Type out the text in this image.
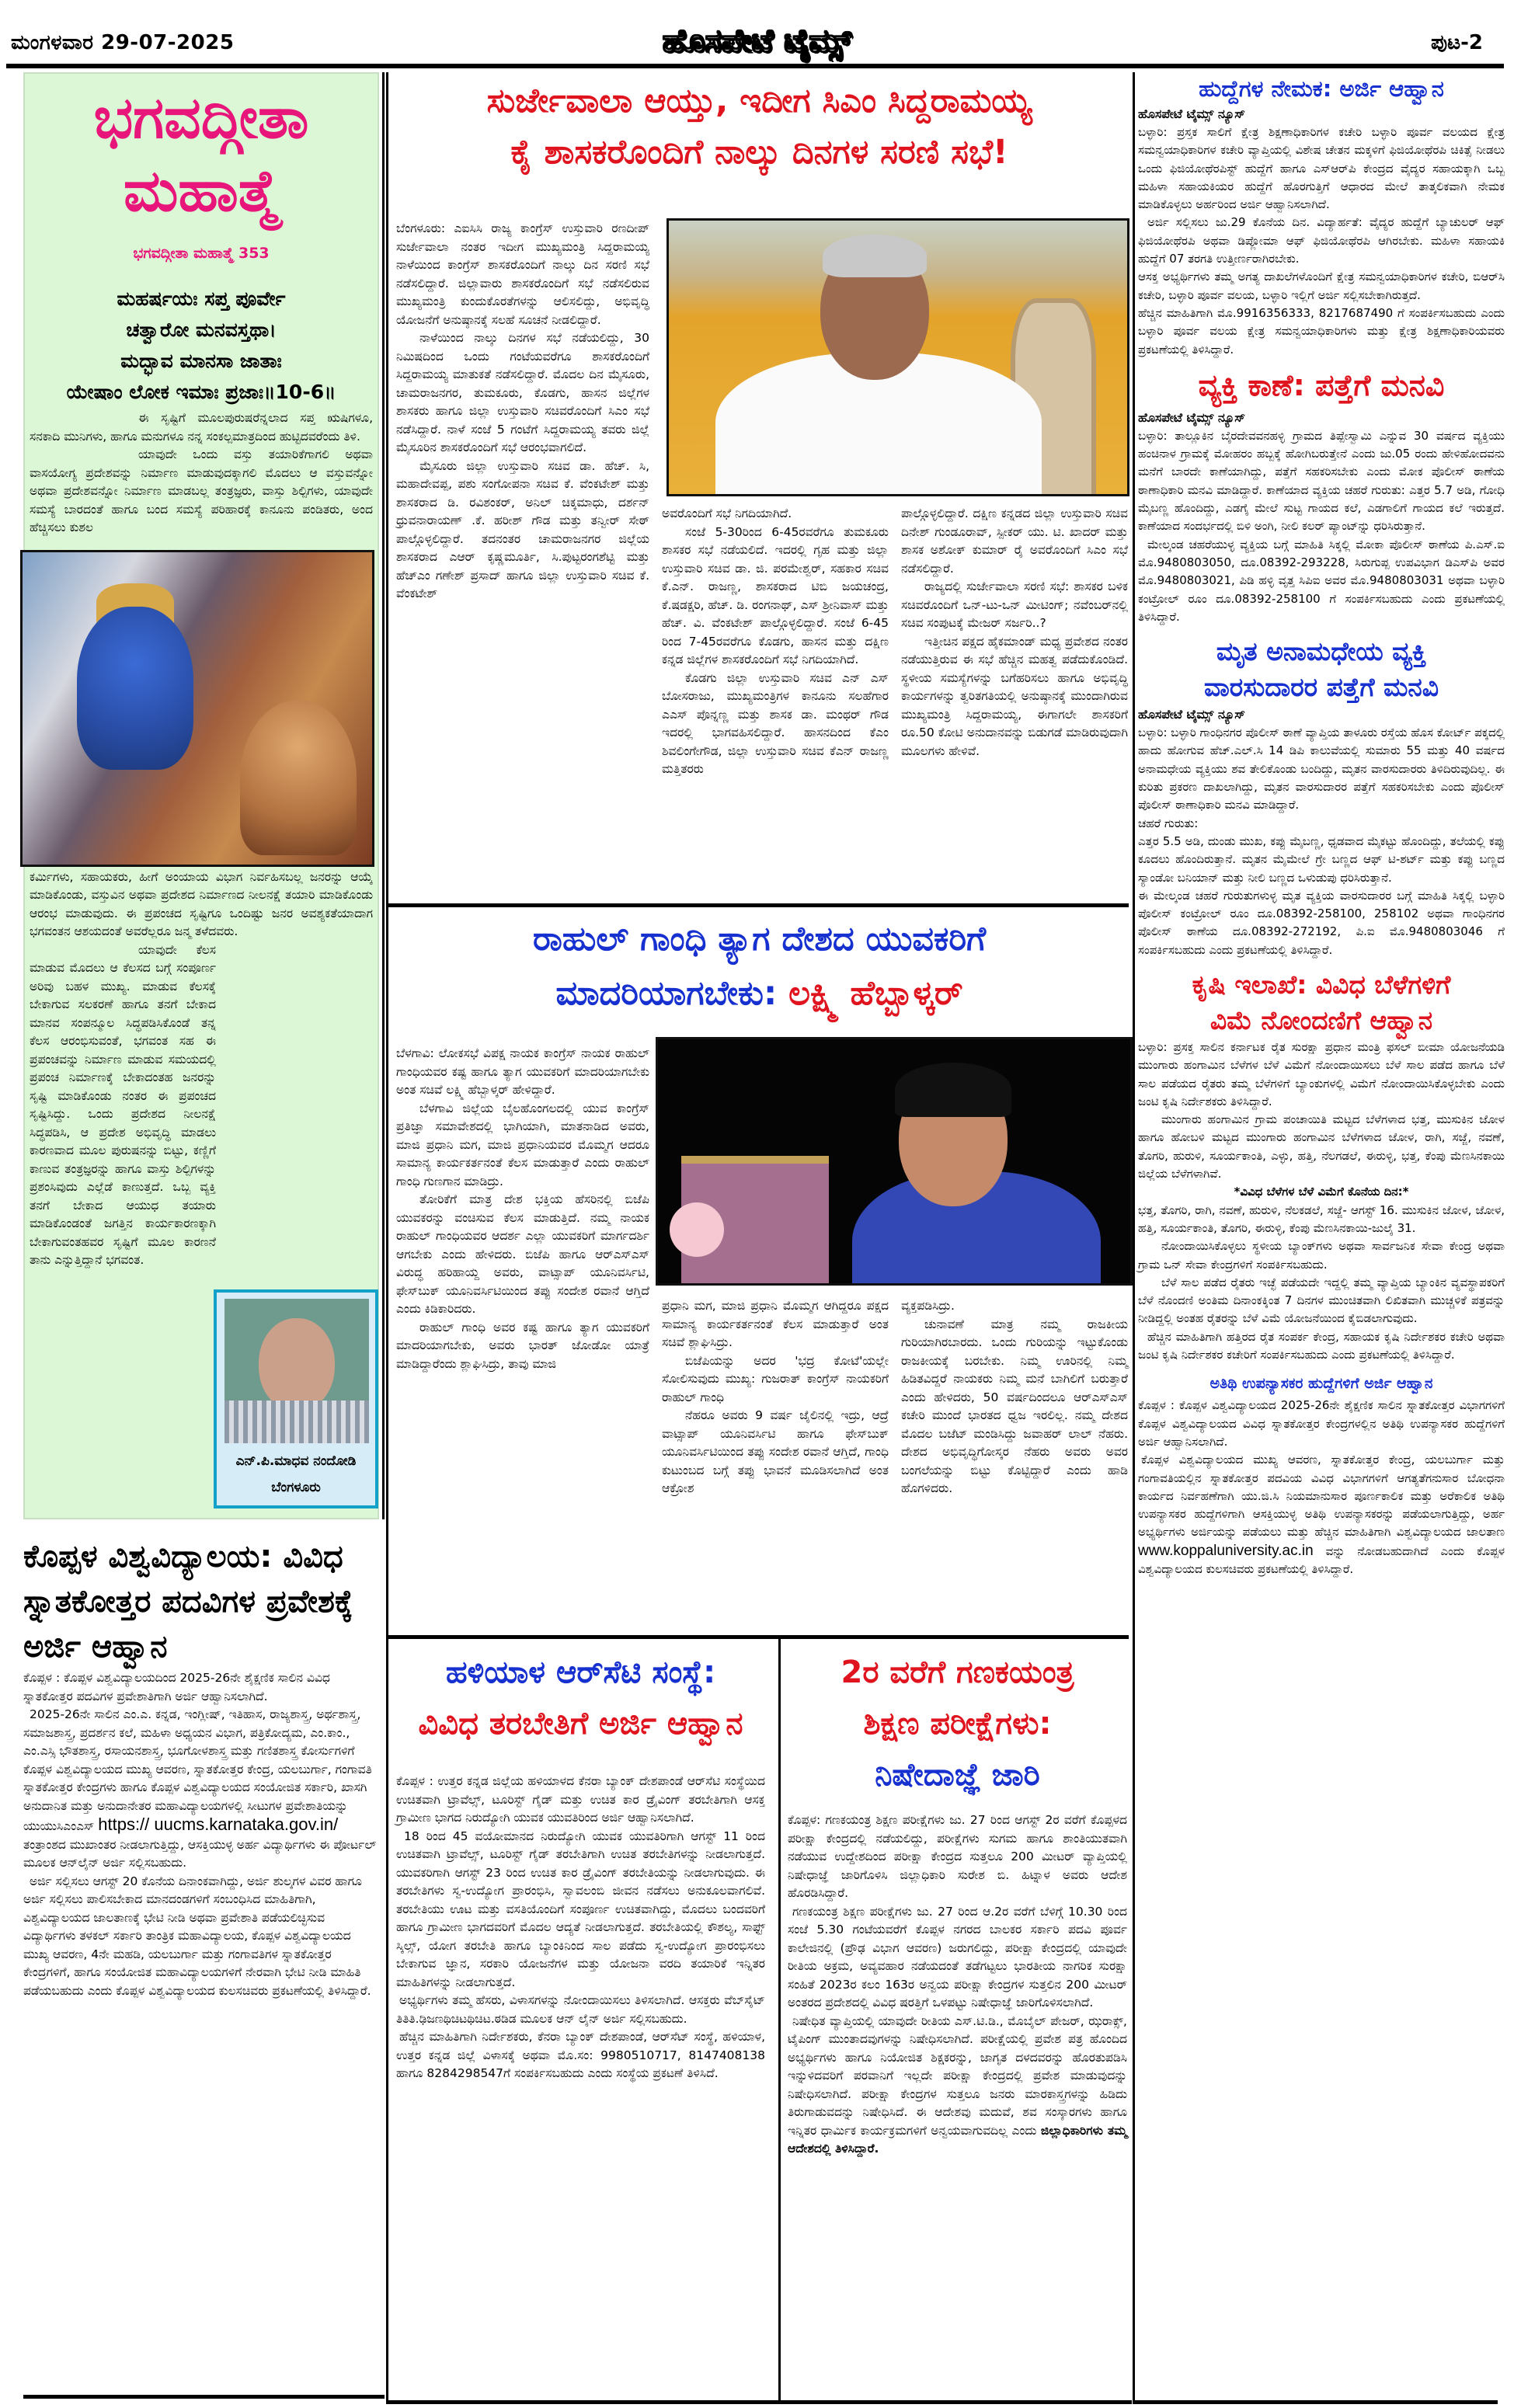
ಮಂಗಳವಾರ 29-07-2025	ಹೊಸಪೇಟೆ ಟೈಮ್ಸ್	ಪುಟ-2
ಭಗವದ್ಗೀತಾ
ಮಹಾತ್ಮೆ
ಭಗವದ್ಗೀತಾ ಮಹಾತ್ಮೆ 353
ಮಹರ್ಷಯಃ ಸಪ್ತ ಪೂರ್ವೇ
ಚತ್ವಾರೋ ಮನವಸ್ತಥಾ।
ಮದ್ಭಾವ ಮಾನಸಾ ಜಾತಾಃ
ಯೇಷಾಂ ಲೋಕ ಇಮಾಃ ಪ್ರಜಾಃ॥10-6॥

ಈ ಸೃಷ್ಟಿಗೆ ಮೂಲಪುರುಷರೆನ್ನಲಾದ ಸಪ್ತ ಋಷಿಗಳೂ, ಸನಕಾದಿ ಮುನಿಗಳು, ಹಾಗೂ ಮನುಗಳೂ ನನ್ನ ಸಂಕಲ್ಪಮಾತ್ರದಿಂದ ಹುಟ್ಟಿದವರೆಂದು ತಿಳಿ.

ಯಾವುದೇ ಒಂದು ವಸ್ತು ತಯಾರಿಕೆಗಾಗಲಿ ಅಥವಾ ವಾಸಯೋಗ್ಯ ಪ್ರದೇಶವನ್ನು ನಿರ್ಮಾಣ ಮಾಡುವುದಕ್ಕಾಗಲಿ ಮೊದಲು ಆ ವಸ್ತುವನ್ನೋ ಅಥವಾ ಪ್ರದೇಶವನ್ನೋ ನಿರ್ಮಾಣ ಮಾಡಬಲ್ಲ ತಂತ್ರಜ್ಞರು, ವಾಸ್ತು ಶಿಲ್ಪಿಗಳು, ಯಾವುದೇ ಸಮಸ್ಯೆ ಬಾರದಂತೆ ಹಾಗೂ ಬಂದ ಸಮಸ್ಯೆ ಪರಿಹಾರಕ್ಕೆ ಕಾನೂನು ಪಂಡಿತರು, ಅಂದ ಹೆಚ್ಚಿಸಲು ಕುಶಲ

ಕರ್ಮಿಗಳು, ಸಹಾಯಕರು, ಹೀಗೆ ಅಂಯಾಯ ವಿಭಾಗ ನಿರ್ವಹಿಸಬಲ್ಲ ಜನರನ್ನು ಆಯ್ಕೆ ಮಾಡಿಕೊಂಡು, ವಸ್ತುವಿನ ಅಥವಾ ಪ್ರದೇಶದ ನಿರ್ಮಾಣದ ನೀಲನಕ್ಷೆ ತಯಾರಿ ಮಾಡಿಕೊಂಡು ಆರಂಭ ಮಾಡುವುದು. ಈ ಪ್ರಪಂಚದ ಸೃಷ್ಟಿಗೂ ಒಂದಿಷ್ಟು ಜನರ ಅವಶ್ಯಕತೆಯಾದಾಗ ಭಗವಂತನ ಆಶಯದಂತೆ ಅವರೆಲ್ಲರೂ ಜನ್ಮ ತಳೆದವರು.

ಯಾವುದೇ ಕೆಲಸ ಮಾಡುವ ಮೊದಲು ಆ ಕೆಲಸದ ಬಗ್ಗೆ ಸಂಪೂರ್ಣ ಅರಿವು ಬಹಳ ಮುಖ್ಯ. ಮಾಡುವ ಕೆಲಸಕ್ಕೆ ಬೇಕಾಗುವ ಸಲಕರಣೆ ಹಾಗೂ ತನಗೆ ಬೇಕಾದ ಮಾನವ ಸಂಪನ್ಮೂಲ ಸಿದ್ಧಪಡಿಸಿಕೊಂಡೆ ತನ್ನ ಕೆಲಸ ಆರಂಭಿಸುವಂತೆ, ಭಗವಂತ ಸಹ ಈ ಪ್ರಪಂಚವನ್ನು ನಿರ್ಮಾಣ ಮಾಡುವ ಸಮಯದಲ್ಲಿ ಪ್ರಪಂಚ ನಿರ್ಮಾಣಕ್ಕೆ ಬೇಕಾದಂತಹ ಜನರನ್ನು ಸೃಷ್ಟಿ ಮಾಡಿಕೊಂಡು ನಂತರ ಈ ಪ್ರಪಂಚದ ಸೃಷ್ಟಿಸಿದ್ದು. ಒಂದು ಪ್ರದೇಶದ ನೀಲನಕ್ಷೆ ಸಿದ್ಧಪಡಿಸಿ, ಆ ಪ್ರದೇಶ ಅಭಿವೃದ್ಧಿ ಮಾಡಲು ಕಾರಣವಾದ ಮೂಲ ಪುರುಷನನ್ನು ಬಿಟ್ಟು, ಕಣ್ಣಿಗೆ ಕಾಣುವ ತಂತ್ರಜ್ಞರನ್ನು ಹಾಗೂ ವಾಸ್ತು ಶಿಲ್ಪಿಗಳನ್ನು ಪ್ರಶಂಸಿವುದು ಎಲ್ಲೆಡೆ ಕಾಣುತ್ತದೆ. ಒಬ್ಬ ವ್ಯಕ್ತಿ ತನಗೆ ಬೇಕಾದ ಆಯುಧ ತಯಾರು ಮಾಡಿಕೊಂಡಂತೆ ಜಗತ್ತಿನ ಕಾರ್ಯಕಾರಣಕ್ಕಾಗಿ ಬೇಕಾಗುವಂತಹವರ ಸೃಷ್ಟಿಗೆ ಮೂಲ ಕಾರಣನೆ ತಾನು ಎನ್ನುತ್ತಿದ್ದಾನೆ ಭಗವಂತ.

ಎನ್.ಪಿ.ಮಾಧವ ನಂದೋಡಿ
ಬೆಂಗಳೂರು
ಕೊಪ್ಪಳ ವಿಶ್ವವಿದ್ಯಾಲಯ: ವಿವಿಧ ಸ್ನಾತಕೋತ್ತರ ಪದವಿಗಳ ಪ್ರವೇಶಕ್ಕೆ ಅರ್ಜಿ ಆಹ್ವಾನ

ಕೊಪ್ಪಳ : ಕೊಪ್ಪಳ ವಿಶ್ವವಿದ್ಯಾಲಯದಿಂದ 2025-26ನೇ ಶೈಕ್ಷಣಿಕ ಸಾಲಿನ ವಿವಿಧ ಸ್ನಾತಕೋತ್ತರ ಪದವಿಗಳ ಪ್ರವೇಶಾತಿಗಾಗಿ ಅರ್ಜಿ ಆಹ್ವಾನಿಸಲಾಗಿದೆ.

2025-26ನೇ ಸಾಲಿನ ಎಂ.ಎ. ಕನ್ನಡ, ಇಂಗ್ಲೀಷ್, ಇತಿಹಾಸ, ರಾಜ್ಯಶಾಸ್ತ್ರ, ಅರ್ಥಶಾಸ್ತ್ರ, ಸಮಾಜಶಾಸ್ತ್ರ, ಪ್ರದರ್ಶನ ಕಲೆ, ಮಹಿಳಾ ಅಧ್ಯಯನ ವಿಭಾಗ, ಪತ್ರಿಕೋದ್ಯಮ, ಎಂ.ಕಾಂ., ಎಂ.ಎಸ್ಸಿ ಭೌತಶಾಸ್ತ್ರ, ರಸಾಯನಶಾಸ್ತ್ರ, ಭೂಗೋಳಶಾಸ್ತ್ರ ಮತ್ತು ಗಣಿತಶಾಸ್ತ್ರ ಕೋರ್ಸುಗಳಿಗೆ ಕೊಪ್ಪಳ ವಿಶ್ವವಿದ್ಯಾಲಯದ ಮುಖ್ಯ ಆವರಣ, ಸ್ನಾತಕೋತ್ತರ ಕೇಂದ್ರ, ಯಲಬುರ್ಗಾ, ಗಂಗಾವತಿ ಸ್ನಾತಕೋತ್ತರ ಕೇಂದ್ರಗಳು ಹಾಗೂ ಕೊಪ್ಪಳ ವಿಶ್ವವಿದ್ಯಾಲಯದ ಸಂಯೋಜಿತ ಸರ್ಕಾರಿ, ಖಾಸಗಿ ಅನುದಾನಿತ ಮತ್ತು ಅನುದಾನೇತರ ಮಹಾವಿದ್ಯಾಲಯಗಳಲ್ಲಿ ಸೀಟುಗಳ ಪ್ರವೇಶಾತಿಯನ್ನು ಯುಯುಸಿಎಂಎಸ್ https:// uucms.karnataka.gov.in/ ತಂತ್ರಾಂಶದ ಮುಖಾಂತರ ನೀಡಲಾಗುತ್ತಿದ್ದು, ಆಸಕ್ತಿಯುಳ್ಳ ಅರ್ಹ ವಿದ್ಯಾರ್ಥಿಗಳು ಈ ಪೋರ್ಟಲ್ ಮೂಲಕ ಆನ್‌ಲೈನ್ ಅರ್ಜಿ ಸಲ್ಲಿಸಬಹುದು.

ಅರ್ಜಿ ಸಲ್ಲಿಸಲು ಆಗಸ್ಟ್ 20 ಕೊನೆಯ ದಿನಾಂಕವಾಗಿದ್ದು, ಅರ್ಜಿ ಶುಲ್ಕಗಳ ವಿವರ ಹಾಗೂ ಅರ್ಜಿ ಸಲ್ಲಿಸಲು ಪಾಲಿಸಬೇಕಾದ ಮಾನದಂಡಗಳಿಗೆ ಸಂಬಂಧಿಸಿದ ಮಾಹಿತಿಗಾಗಿ, ವಿಶ್ವವಿದ್ಯಾಲಯದ ಜಾಲತಾಣಕ್ಕೆ ಭೇಟಿ ನೀಡಿ ಅಥವಾ ಪ್ರವೇಶಾತಿ ಪಡೆಯಲಿಚ್ಛಿಸುವ ವಿದ್ಯಾರ್ಥಿಗಳು ತಳಕಲ್ ಸರ್ಕಾರಿ ತಾಂತ್ರಿಕ ಮಹಾವಿದ್ಯಾಲಯ, ಕೊಪ್ಪಳ ವಿಶ್ವವಿದ್ಯಾಲಯದ ಮುಖ್ಯ ಆವರಣ, 4ನೇ ಮಹಡಿ, ಯಲಬುರ್ಗಾ ಮತ್ತು ಗಂಗಾವತಿಗಳ ಸ್ನಾತಕೋತ್ತರ ಕೇಂದ್ರಗಳಿಗೆ, ಹಾಗೂ ಸಂಯೋಜಿತ ಮಹಾವಿದ್ಯಾಲಯಗಳಿಗೆ ನೇರವಾಗಿ ಭೇಟಿ ನೀಡಿ ಮಾಹಿತಿ ಪಡೆಯಬಹುದು ಎಂದು ಕೊಪ್ಪಳ ವಿಶ್ವವಿದ್ಯಾಲಯದ ಕುಲಸಚಿವರು ಪ್ರಕಟಣೆಯಲ್ಲಿ ತಿಳಿಸಿದ್ದಾರೆ.

ಸುರ್ಜೇವಾಲಾ ಆಯ್ತು, ಇದೀಗ ಸಿಎಂ ಸಿದ್ದರಾಮಯ್ಯ
ಕೈ ಶಾಸಕರೊಂದಿಗೆ ನಾಲ್ಕು ದಿನಗಳ ಸರಣಿ ಸಭೆ!

ಬೆಂಗಳೂರು: ಎಐಸಿಸಿ ರಾಜ್ಯ ಕಾಂಗ್ರೆಸ್ ಉಸ್ತುವಾರಿ ರಣದೀಪ್ ಸುರ್ಜೇವಾಲಾ ನಂತರ ಇದೀಗ ಮುಖ್ಯಮಂತ್ರಿ ಸಿದ್ದರಾಮಯ್ಯ ನಾಳೆಯಿಂದ ಕಾಂಗ್ರೆಸ್ ಶಾಸಕರೊಂದಿಗೆ ನಾಲ್ಕು ದಿನ ಸರಣಿ ಸಭೆ ನಡೆಸಲಿದ್ದಾರೆ. ಜಿಲ್ಲಾವಾರು ಶಾಸಕರೊಂದಿಗೆ ಸಭೆ ನಡೆಸಲಿರುವ ಮುಖ್ಯಮಂತ್ರಿ ಕುಂದುಕೊರತೆಗಳನ್ನು ಆಲಿಸಲಿದ್ದು, ಅಭಿವೃದ್ಧಿ ಯೋಜನೆಗೆ ಅನುಷ್ಠಾನಕ್ಕೆ ಸಲಹೆ ಸೂಚನೆ ನೀಡಲಿದ್ದಾರೆ.

ನಾಳೆಯಿಂದ ನಾಲ್ಕು ದಿನಗಳ ಸಭೆ ನಡೆಯಲಿದ್ದು, 30 ನಿಮಿಷದಿಂದ ಒಂದು ಗಂಟೆಯವರೆಗೂ ಶಾಸಕರೊಂದಿಗೆ ಸಿದ್ದರಾಮಯ್ಯ ಮಾತುಕತೆ ನಡೆಸಲಿದ್ದಾರೆ. ಮೊದಲ ದಿನ ಮೈಸೂರು, ಚಾಮರಾಜನಗರ, ತುಮಕೂರು, ಕೊಡಗು, ಹಾಸನ ಜಿಲ್ಲೆಗಳ ಶಾಸಕರು ಹಾಗೂ ಜಿಲ್ಲಾ ಉಸ್ತುವಾರಿ ಸಚಿವರೊಂದಿಗೆ ಸಿಎಂ ಸಭೆ ನಡೆಸಿದ್ದಾರೆ. ನಾಳೆ ಸಂಜೆ 5 ಗಂಟೆಗೆ ಸಿದ್ದರಾಮಯ್ಯ ತವರು ಜಿಲ್ಲೆ ಮೈಸೂರಿನ ಶಾಸಕರೊಂದಿಗೆ ಸಭೆ ಆರಂಭವಾಗಲಿದೆ.

ಮೈಸೂರು ಜಿಲ್ಲಾ ಉಸ್ತುವಾರಿ ಸಚಿವ ಡಾ. ಹೆಚ್. ಸಿ, ಮಹಾದೇವಪ್ಪ, ಪಶು ಸಂಗೋಪನಾ ಸಚಿವ ಕೆ. ವೆಂಕಟೇಶ್ ಮತ್ತು ಶಾಸಕರಾದ ಡಿ. ರವಿಶಂಕರ್, ಅನಿಲ್ ಚಿಕ್ಕಮಾಧು, ದರ್ಶನ್ ಧ್ರುವನಾರಾಯಣ್ .ಕೆ. ಹರೀಶ್ ಗೌಡ ಮತ್ತು ತನ್ವೀರ್ ಸೇಠ್ ಪಾಲ್ಗೊಳ್ಳಲಿದ್ದಾರೆ. ತದನಂತರ ಚಾಮರಾಜನಗರ ಜಿಲ್ಲೆಯ ಶಾಸಕರಾದ ಎಆರ್ ಕೃಷ್ಣಮೂರ್ತಿ, ಸಿ.ಪುಟ್ಟರಂಗಶೆಟ್ಟಿ ಮತ್ತು ಹೆಚ್‌ಎಂ ಗಣೇಶ್ ಪ್ರಸಾದ್ ಹಾಗೂ ಜಿಲ್ಲಾ ಉಸ್ತುವಾರಿ ಸಚಿವ ಕೆ. ವೆಂಕಟೇಶ್

ಅವರೊಂದಿಗೆ ಸಭೆ ನಿಗದಿಯಾಗಿದೆ.

ಸಂಜೆ 5-30ರಿಂದ 6-45ರವರೆಗೂ ತುಮಕೂರು ಶಾಸಕರ ಸಭೆ ನಡೆಯಲಿದೆ. ಇದರಲ್ಲಿ ಗೃಹ ಮತ್ತು ಜಿಲ್ಲಾ ಉಸ್ತುವಾರಿ ಸಚಿವ ಡಾ. ಜಿ. ಪರಮೇಶ್ವರ್, ಸಹಕಾರ ಸಚಿವ ಕೆ.ಎನ್. ರಾಜಣ್ಣ, ಶಾಸಕರಾದ ಟಿಬಿ ಜಯಚಂದ್ರ, ಕೆ.ಷಡಕ್ಷರಿ, ಹೆಚ್. ಡಿ. ರಂಗನಾಥ್, ಎಸ್ ಶ್ರೀನಿವಾಸ್ ಮತ್ತು ಹೆಚ್. ವಿ. ವೆಂಕಟೇಶ್ ಪಾಲ್ಗೊಳ್ಳಲಿದ್ದಾರೆ. ಸಂಜೆ 6-45 ರಿಂದ 7-45ರವರೆಗೂ ಕೊಡಗು, ಹಾಸನ ಮತ್ತು ದಕ್ಷಿಣ ಕನ್ನಡ ಜಿಲ್ಲೆಗಳ ಶಾಸಕರೊಂದಿಗೆ ಸಭೆ ನಿಗದಿಯಾಗಿದೆ.

ಕೊಡಗು ಜಿಲ್ಲಾ ಉಸ್ತುವಾರಿ ಸಚಿವ ಎನ್ ಎಸ್ ಬೋಸರಾಜು, ಮುಖ್ಯಮಂತ್ರಿಗಳ ಕಾನೂನು ಸಲಹೆಗಾರ ಎಎಸ್ ಪೊನ್ನಣ್ಣ ಮತ್ತು ಶಾಸಕ ಡಾ. ಮಂಥರ್ ಗೌಡ ಇದರಲ್ಲಿ ಭಾಗವಹಿಸಲಿದ್ದಾರೆ. ಹಾಸನದಿಂದ ಕೆಎಂ ಶಿವಲಿಂಗೇಗೌಡ, ಜಿಲ್ಲಾ ಉಸ್ತುವಾರಿ ಸಚಿವ ಕೆಎನ್ ರಾಜಣ್ಣ ಮತ್ತಿತರರು

ಪಾಲ್ಗೊಳ್ಳಲಿದ್ದಾರೆ. ದಕ್ಷಿಣ ಕನ್ನಡದ ಜಿಲ್ಲಾ ಉಸ್ತುವಾರಿ ಸಚಿವ ದಿನೇಶ್ ಗುಂಡೂರಾವ್, ಸ್ಪೀಕರ್ ಯು. ಟಿ. ಖಾದರ್ ಮತ್ತು ಶಾಸಕ ಅಶೋಕ್ ಕುಮಾರ್ ರೈ ಅವರೊಂದಿಗೆ ಸಿಎಂ ಸಭೆ ನಡೆಸಲಿದ್ದಾರೆ.

ರಾಜ್ಯದಲ್ಲಿ ಸುರ್ಜೇವಾಲಾ ಸರಣಿ ಸಭೆ: ಶಾಸಕರ ಬಳಿಕ ಸಚಿವರೊಂದಿಗೆ ಒನ್-ಟು-ಒನ್ ಮೀಟಿಂಗ್; ನವೆಂಬರ್‌ನಲ್ಲಿ ಸಚಿವ ಸಂಪುಟಕ್ಕೆ ಮೇಜರ್ ಸರ್ಜರಿ..?

ಇತ್ತೀಚಿನ ಪಕ್ಷದ ಹೈಕಮಾಂಡ್ ಮಧ್ಯ ಪ್ರವೇಶದ ನಂತರ ನಡೆಯುತ್ತಿರುವ ಈ ಸಭೆ ಹೆಚ್ಚಿನ ಮಹತ್ವ ಪಡೆದುಕೊಂಡಿದೆ. ಸ್ಥಳೀಯ ಸಮಸ್ಯೆಗಳನ್ನು ಬಗೆಹರಿಸಲು ಹಾಗೂ ಅಭಿವೃದ್ಧಿ ಕಾರ್ಯಗಳನ್ನು ತ್ವರಿತಗತಿಯಲ್ಲಿ ಅನುಷ್ಠಾನಕ್ಕೆ ಮುಂದಾಗಿರುವ ಮುಖ್ಯಮಂತ್ರಿ ಸಿದ್ದರಾಮಯ್ಯ, ಈಗಾಗಲೇ ಶಾಸಕರಿಗೆ ರೂ.50 ಕೋಟಿ ಅನುದಾನವನ್ನು ಬಿಡುಗಡೆ ಮಾಡಿರುವುದಾಗಿ ಮೂಲಗಳು ಹೇಳಿವೆ.

ರಾಹುಲ್ ಗಾಂಧಿ ತ್ಯಾಗ ದೇಶದ ಯುವಕರಿಗೆ
ಮಾದರಿಯಾಗಬೇಕು: ಲಕ್ಷ್ಮಿ ಹೆಬ್ಬಾಳ್ಕರ್

ಬೆಳಗಾವಿ: ಲೋಕಸಭೆ ವಿಪಕ್ಷ ನಾಯಕ ಕಾಂಗ್ರೆಸ್ ನಾಯಕ ರಾಹುಲ್ ಗಾಂಧಿಯವರ ಕಷ್ಟ ಹಾಗೂ ತ್ಯಾಗ ಯುವಕರಿಗೆ ಮಾದರಿಯಾಗಬೇಕು ಅಂತ ಸಚಿವೆ ಲಕ್ಷ್ಮಿ ಹೆಬ್ಬಾಳ್ಕರ್ ಹೇಳಿದ್ದಾರೆ.

ಬೆಳಗಾವಿ ಜಿಲ್ಲೆಯ ಬೈಲಹೊಂಗಲದಲ್ಲಿ ಯುವ ಕಾಂಗ್ರೆಸ್ ಪ್ರತಿಜ್ಞಾ ಸಮಾವೇಶದಲ್ಲಿ ಭಾಗಿಯಾಗಿ, ಮಾತನಾಡಿದ ಅವರು, ಮಾಜಿ ಪ್ರಧಾನಿ ಮಗ, ಮಾಜಿ ಪ್ರಧಾನಿಯವರ ಮೊಮ್ಮಗ ಆದರೂ ಸಾಮಾನ್ಯ ಕಾರ್ಯಕರ್ತನಂತೆ ಕೆಲಸ ಮಾಡುತ್ತಾರೆ ಎಂದು ರಾಹುಲ್ ಗಾಂಧಿ ಗುಣಗಾನ ಮಾಡಿದ್ರು.

ತೋರಿಕೆಗೆ ಮಾತ್ರ ದೇಶ ಭಕ್ತಿಯ ಹೆಸರಿನಲ್ಲಿ ಬಿಜೆಪಿ ಯುವಕರನ್ನು ವಂಚಿಸುವ ಕೆಲಸ ಮಾಡುತ್ತಿದೆ. ನಮ್ಮ ನಾಯಕ ರಾಹುಲ್ ಗಾಂಧಿಯವರ ಆದರ್ಶ ಎಲ್ಲಾ ಯುವಕರಿಗೆ ಮಾರ್ಗದರ್ಶಿ ಆಗಬೇಕು ಎಂದು ಹೇಳಿದರು. ಬಿಜೆಪಿ ಹಾಗೂ ಆರ್‌ಎಸ್‌ಎಸ್ ವಿರುದ್ಧ ಹರಿಹಾಯ್ದ ಅವರು, ವಾಟ್ಸಾಪ್ ಯೂನಿವರ್ಸಿಟಿ, ಫೇಸ್‌ಬುಕ್ ಯೂನಿವರ್ಸಿಟಿಯಿಂದ ತಪ್ಪು ಸಂದೇಶ ರವಾನೆ ಆಗ್ತಿದೆ ಎಂದು ಕಿಡಿಕಾರಿದರು.

ರಾಹುಲ್ ಗಾಂಧಿ ಅವರ ಕಷ್ಟ ಹಾಗೂ ತ್ಯಾಗ ಯುವಕರಿಗೆ ಮಾದರಿಯಾಗಬೇಕು, ಅವರು ಭಾರತ್ ಜೋಡೋ ಯಾತ್ರೆ ಮಾಡಿದ್ದಾರೆಂದು ಶ್ಲಾಘಿಸಿದ್ರು, ತಾವು ಮಾಜಿ

ಪ್ರಧಾನಿ ಮಗ, ಮಾಜಿ ಪ್ರಧಾನಿ ಮೊಮ್ಮಗ ಆಗಿದ್ದರೂ ಪಕ್ಷದ ಸಾಮಾನ್ಯ ಕಾರ್ಯಕರ್ತನಂತೆ ಕೆಲಸ ಮಾಡುತ್ತಾರೆ ಅಂತ ಸಚಿವೆ ಶ್ಲಾಘಿಸಿದ್ರು.

ಬಿಜೆಪಿಯನ್ನು ಅದರ 'ಭದ್ರ ಕೋಟೆ'ಯಲ್ಲೇ ಸೋಲಿಸುವುದು ಮುಖ್ಯ: ಗುಜರಾತ್ ಕಾಂಗ್ರೆಸ್ ನಾಯಕರಿಗೆ ರಾಹುಲ್ ಗಾಂಧಿ

ನೆಹರೂ ಅವರು 9 ವರ್ಷ ಜೈಲಿನಲ್ಲಿ ಇದ್ರು, ಆದ್ರೆ ವಾಟ್ಸಾಪ್ ಯೂನಿವರ್ಸಿಟಿ ಹಾಗೂ ಫೇಸ್‌ಬುಕ್ ಯೂನಿವರ್ಸಿಟಿಯಿಂದ ತಪ್ಪು ಸಂದೇಶ ರವಾನೆ ಆಗ್ತಿದೆ, ಗಾಂಧಿ ಕುಟುಂಬದ ಬಗ್ಗೆ ತಪ್ಪು ಭಾವನೆ ಮೂಡಿಸಲಾಗಿದೆ ಅಂತ ಆಕ್ರೋಶ

ವ್ಯಕ್ತಪಡಿಸಿದ್ರು.

ಚುನಾವಣೆ ಮಾತ್ರ ನಮ್ಮ ರಾಜಕೀಯ ಗುರಿಯಾಗಿರಬಾರದು. ಒಂದು ಗುರಿಯನ್ನು ಇಟ್ಟುಕೊಂಡು ರಾಜಕೀಯಕ್ಕೆ ಬರಬೇಕು. ನಿಮ್ಮ ಊರಿನಲ್ಲಿ ನಿಮ್ಮ ಹಿಡಿತವಿದ್ದರೆ ನಾಯಕರು ನಿಮ್ಮ ಮನೆ ಬಾಗಿಲಿಗೆ ಬರುತ್ತಾರೆ ಎಂದು ಹೇಳಿದರು, 50 ವರ್ಷದಿಂದಲೂ ಆರ್‌ಎಸ್‌ಎಸ್ ಕಚೇರಿ ಮುಂದೆ ಭಾರತದ ಧ್ವಜ ಇರಲಿಲ್ಲ. ನಮ್ಮ ದೇಶದ ಮೊದಲ ಬಜೆಟ್ ಮಂಡಿಸಿದ್ದು ಜವಾಹರ್ ಲಾಲ್ ನೆಹರು. ದೇಶದ ಅಭಿವೃದ್ಧಿಗೋಸ್ಕರ ನೆಹರು ಅವರು ಅವರ ಬಂಗಲೆಯನ್ನು ಬಿಟ್ಟು ಕೊಟ್ಟಿದ್ದಾರೆ ಎಂದು ಹಾಡಿ ಹೊಗಳಿದರು.

ಹಳಿಯಾಳ ಆರ್‌ಸೆಟಿ ಸಂಸ್ಥೆ:
ವಿವಿಧ ತರಬೇತಿಗೆ ಅರ್ಜಿ ಆಹ್ವಾನ

ಕೊಪ್ಪಳ : ಉತ್ತರ ಕನ್ನಡ ಜಿಲ್ಲೆಯ ಹಳಿಯಾಳದ ಕೆನರಾ ಬ್ಯಾಂಕ್ ದೇಶಪಾಂಡೆ ಆರ್‌ಸೆಟಿ ಸಂಸ್ಥೆಯಿದ ಉಚಿತವಾಗಿ ಟ್ರಾವೆಲ್ಸ್, ಟೂರಿಸ್ಟ್ ಗೈಡ್ ಮತ್ತು ಉಚಿತ ಕಾರ ಡ್ರೈವಿಂಗ್ ತರಬೇತಿಗಾಗಿ ಆಸಕ್ತ ಗ್ರಾಮೀಣ ಭಾಗದ ನಿರುದ್ಯೋಗಿ ಯುವಕ ಯುವತಿರಿಂದ ಅರ್ಜಿ ಆಹ್ವಾನಿಸಲಾಗಿದೆ.

18 ರಿಂದ 45 ವಯೋಮಾನದ ನಿರುದ್ಯೋಗಿ ಯುವಕ ಯುವತಿರಿಗಾಗಿ ಆಗಸ್ಟ್ 11 ರಿಂದ ಉಚಿತವಾಗಿ ಟ್ರಾವೆಲ್ಸ್, ಟೂರಿಸ್ಟ್ ಗೈಡ್ ತರಬೇತಿಗಾಗಿ ಉಚಿತ ತರಬೇತಿಗಳನ್ನು ನೀಡಲಾಗುತ್ತದೆ. ಯುವಕರಿಗಾಗಿ ಆಗಸ್ಟ್ 23 ರಿಂದ ಉಚಿತ ಕಾರ ಡ್ರೈವಿಂಗ್ ತರಬೇತಿಯನ್ನು ನೀಡಲಾಗುವುದು. ಈ ತರಬೇತಿಗಳು ಸ್ವ-ಉದ್ಯೋಗ ಪ್ರಾರಂಭಿಸಿ, ಸ್ವಾವಲಂಬಿ ಜೀವನ ನಡೆಸಲು ಅನುಕೂಲವಾಗಲಿವೆ. ತರಬೇತಿಯು ಊಟ ಮತ್ತು ವಸತಿಯೊಂದಿಗೆ ಸಂಪೂರ್ಣ ಉಚಿತವಾಗಿದ್ದು, ಮೊದಲು ಬಂದವರಿಗೆ ಹಾಗೂ ಗ್ರಾಮೀಣ ಭಾಗದವರಿಗೆ ಮೊದಲ ಆದ್ಯತೆ ನೀಡಲಾಗುತ್ತದೆ. ತರಬೇತಿಯಲ್ಲಿ ಕೌಶಲ್ಯ, ಸಾಫ್ಟ್ ಸ್ಕಿಲ್ಸ್, ಯೋಗ ತರಬೇತಿ ಹಾಗೂ ಬ್ಯಾಂಕಿನಿಂದ ಸಾಲ ಪಡೆದು ಸ್ವ-ಉದ್ಯೋಗ ಪ್ರಾರಂಭಿಸಲು ಬೇಕಾಗುವ ಜ್ಞಾನ, ಸರಕಾರಿ ಯೋಜನೆಗಳ ಮತ್ತು ಯೋಜನಾ ವರದಿ ತಯಾರಿಕೆ ಇನ್ನಿತರ ಮಾಹಿತಿಗಳನ್ನು ನೀಡಲಾಗುತ್ತದೆ.

ಅಭ್ಯರ್ಥಿಗಳು ತಮ್ಮ ಹೆಸರು, ವಿಳಾಸಗಳನ್ನು ನೋಂದಾಯಿಸಲು ತಿಳಿಸಲಾಗಿದೆ. ಆಸಕ್ತರು ವೆಬ್‌ಸೈಟ್ ತಿತಿತಿ.ಢಿಜಣಥಿಚಿಟಥಿಚಿಟ.ಠಡಿಡ ಮೂಲಕ ಆನ್ ಲೈನ್ ಅರ್ಜಿ ಸಲ್ಲಿಸಬಹುದು.

ಹೆಚ್ಚಿನ ಮಾಹಿತಿಗಾಗಿ ನಿರ್ದೇಶಕರು, ಕೆನರಾ ಬ್ಯಾಂಕ್ ದೇಶಪಾಂಡೆ, ಆರ್‌ಸೆಟ್ ಸಂಸ್ಥೆ, ಹಳಿಯಾಳ, ಉತ್ತರ ಕನ್ನಡ ಜಿಲ್ಲೆ ವಿಳಾಸಕ್ಕೆ ಅಥವಾ ಮೊ.ಸಂ: 9980510717, 8147408138 ಹಾಗೂ 8284298547ಗೆ ಸಂಪರ್ಕಿಸಬಹುದು ಎಂದು ಸಂಸ್ಥೆಯ ಪ್ರಕಟಣೆ ತಿಳಿಸಿದೆ.

2ರ ವರೆಗೆ ಗಣಕಯಂತ್ರ
ಶಿಕ್ಷಣ ಪರೀಕ್ಷೆಗಳು:
ನಿಷೇದಾಜ್ಞೆ ಜಾರಿ

ಕೊಪ್ಪಳ: ಗಣಕಯಂತ್ರ ಶಿಕ್ಷಣ ಪರೀಕ್ಷೆಗಳು ಜು. 27 ರಿಂದ ಆಗಸ್ಟ್ 2ರ ವರೆಗೆ ಕೊಪ್ಪಳದ ಪರೀಕ್ಷಾ ಕೇಂದ್ರದಲ್ಲಿ ನಡೆಯಲಿದ್ದು, ಪರೀಕ್ಷೆಗಳು ಸುಗಮ ಹಾಗೂ ಶಾಂತಿಯುತವಾಗಿ ನಡೆಯುವ ಉದ್ದೇಶದಿಂದ ಪರೀಕ್ಷಾ ಕೇಂದ್ರದ ಸುತ್ತಲೂ 200 ಮೀಟರ್ ವ್ಯಾಪ್ತಿಯಲ್ಲಿ ನಿಷೇಧಾಜ್ಞೆ ಜಾರಿಗೊಳಿಸಿ ಜಿಲ್ಲಾಧಿಕಾರಿ ಸುರೇಶ ಬಿ. ಹಿಟ್ನಾಳ ಅವರು ಆದೇಶ ಹೊರಡಿಸಿದ್ದಾರೆ.

ಗಣಕಯಂತ್ರ ಶಿಕ್ಷಣ ಪರೀಕ್ಷೆಗಳು ಜು. 27 ರಿಂದ ಆ.2ರ ವರೆಗೆ ಬೆಳಿಗ್ಗೆ 10.30 ರಿಂದ ಸಂಜೆ 5.30 ಗಂಟೆಯವರೆಗೆ ಕೊಪ್ಪಳ ನಗರದ ಬಾಲಕರ ಸರ್ಕಾರಿ ಪದವಿ ಪೂರ್ವ ಕಾಲೇಜಿನಲ್ಲಿ (ಪ್ರೌಢ ವಿಭಾಗ ಆವರಣ) ಜರುಗಲಿದ್ದು, ಪರೀಕ್ಷಾ ಕೇಂದ್ರದಲ್ಲಿ ಯಾವುದೇ ರೀತಿಯ ಅಕ್ರಮ, ಅವ್ಯವಹಾರ ನಡೆಯದಂತೆ ತಡೆಗಟ್ಟಲು ಭಾರತೀಯ ನಾಗರಿಕ ಸುರಕ್ಷಾ ಸಂಹಿತೆ 2023ರ ಕಲಂ 163ರ ಅನ್ವಯ ಪರೀಕ್ಷಾ ಕೇಂದ್ರಗಳ ಸುತ್ತಲಿನ 200 ಮೀಟರ್ ಅಂತರದ ಪ್ರದೇಶದಲ್ಲಿ ವಿವಿಧ ಷರತ್ತಿಗೆ ಒಳಪಟ್ಟು ನಿಷೇಧಾಜ್ಞೆ ಜಾರಿಗೊಳಿಸಲಾಗಿದೆ.

ನಿಷೇಧಿತ ವ್ಯಾಪ್ತಿಯಲ್ಲಿ ಯಾವುದೇ ರೀತಿಯ ಎಸ್.ಟಿ.ಡಿ., ಮೊಬೈಲ್ ಪೇಜರ್, ಝರಾಕ್ಸ್, ಟೈಪಿಂಗ್ ಮುಂತಾದವುಗಳನ್ನು ನಿಷೇಧಿಸಲಾಗಿದೆ. ಪರೀಕ್ಷೆಯಲ್ಲಿ ಪ್ರವೇಶ ಪತ್ರ ಹೊಂದಿದ ಅಭ್ಯರ್ಥಿಗಳು ಹಾಗೂ ನಿಯೋಜಿತ ಶಿಕ್ಷಕರನ್ನು, ಜಾಗೃತ ದಳದವರನ್ನು ಹೊರತುಪಡಿಸಿ ಇನ್ನುಳಿದವರಿಗೆ ಪರವಾನಿಗೆ ಇಲ್ಲದೇ ಪರೀಕ್ಷಾ ಕೇಂದ್ರದಲ್ಲಿ ಪ್ರವೇಶ ಮಾಡುವುದನ್ನು ನಿಷೇಧಿಸಲಾಗಿದೆ. ಪರೀಕ್ಷಾ ಕೇಂದ್ರಗಳ ಸುತ್ತಲೂ ಜನರು ಮಾರಕಾಸ್ತ್ರಗಳನ್ನು ಹಿಡಿದು ತಿರುಗಾಡುವದನ್ನು ನಿಷೇಧಿಸಿದೆ. ಈ ಆದೇಶವು ಮದುವೆ, ಶವ ಸಂಸ್ಕಾರಗಳು ಹಾಗೂ ಇನ್ನಿತರ ಧಾರ್ಮಿಕ ಕಾರ್ಯಕ್ರಮಗಳಿಗೆ ಅನ್ವಯವಾಗುವದಿಲ್ಲ ಎಂದು ಜಿಲ್ಲಾಧಿಕಾರಿಗಳು ತಮ್ಮ ಆದೇಶದಲ್ಲಿ ತಿಳಿಸಿದ್ದಾರೆ.

ಹುದ್ದೆಗಳ ನೇಮಕ: ಅರ್ಜಿ ಆಹ್ವಾನ
ಹೊಸಪೇಟೆ ಟೈಮ್ಸ್ ನ್ಯೂಸ್

ಬಳ್ಳಾರಿ: ಪ್ರಸ್ತಕ ಸಾಲಿಗೆ ಕ್ಷೇತ್ರ ಶಿಕ್ಷಣಾಧಿಕಾರಿಗಳ ಕಚೇರಿ ಬಳ್ಳಾರಿ ಪೂರ್ವ ವಲಯದ ಕ್ಷೇತ್ರ ಸಮನ್ವಯಾಧಿಕಾರಿಗಳ ಕಚೇರಿ ವ್ಯಾಪ್ತಿಯಲ್ಲಿ ವಿಶೇಷ ಚೇತನ ಮಕ್ಕಳಿಗೆ ಫಿಜಿಯೋಥೆರಪಿ ಚಿಕಿತ್ಸೆ ನೀಡಲು ಒಂದು ಫಿಜಿಯೋಥೆರಪಿಸ್ಟ್ ಹುದ್ದೆಗೆ ಹಾಗೂ ಎಸ್‌ಆರ್‌ಪಿ ಕೇಂದ್ರದ ವೈದ್ಯರ ಸಹಾಯಕ್ಕಾಗಿ ಒಬ್ಬ ಮಹಿಳಾ ಸಹಾಯಕಿಯರ ಹುದ್ದೆಗೆ ಹೊರಗುತ್ತಿಗೆ ಆಧಾರದ ಮೇಲೆ ತಾತ್ಕಲಿಕವಾಗಿ ನೇಮಕ ಮಾಡಿಕೊಳ್ಳಲು ಅರ್ಹರಿಂದ ಅರ್ಜಿ ಆಹ್ವಾನಿಸಲಾಗಿದೆ.

ಅರ್ಜಿ ಸಲ್ಲಿಸಲು ಜು.29 ಕೊನೆಯ ದಿನ. ವಿದ್ಯಾರ್ಹತೆ: ವೈದ್ಯರ ಹುದ್ದೆಗೆ ಬ್ಯಾಚುಲರ್ ಆಫ್ ಫಿಜಿಯೋಥೆರಪಿ ಅಥವಾ ಡಿಪ್ಲೋಮಾ ಆಫ್ ಫಿಜಿಯೋಥೆರಪಿ ಆಗಿರಬೇಕು. ಮಹಿಳಾ ಸಹಾಯಕಿ ಹುದ್ದೆಗೆ 07 ತರಗತಿ ಉತ್ತೀರ್ಣರಾಗಿರಬೇಕು.

ಆಸಕ್ತ ಅಭ್ಯರ್ಥಿಗಳು ತಮ್ಮ ಅಗತ್ಯ ದಾಖಲೆಗಳೊಂದಿಗೆ ಕ್ಷೇತ್ರ ಸಮನ್ವಯಾಧಿಕಾರಿಗಳ ಕಚೇರಿ, ಬಿಆರ್‌ಸಿ ಕಚೇರಿ, ಬಳ್ಳಾರಿ ಪೂರ್ವ ವಲಯ, ಬಳ್ಳಾರಿ ಇಲ್ಲಿಗೆ ಅರ್ಜಿ ಸಲ್ಲಿಸಬೇಕಾಗಿರುತ್ತದೆ.

ಹೆಚ್ಚಿನ ಮಾಹಿತಿಗಾಗಿ ಮೊ.9916356333, 8217687490 ಗೆ ಸಂಪರ್ಕಿಸಬಹುದು ಎಂದು ಬಳ್ಳಾರಿ ಪೂರ್ವ ವಲಯ ಕ್ಷೇತ್ರ ಸಮನ್ವಯಾಧಿಕಾರಿಗಳು ಮತ್ತು ಕ್ಷೇತ್ರ ಶಿಕ್ಷಣಾಧಿಕಾರಿಯವರು ಪ್ರಕಟಣೆಯಲ್ಲಿ ತಿಳಿಸಿದ್ದಾರೆ.

ವ್ಯಕ್ತಿ ಕಾಣೆ: ಪತ್ತೆಗೆ ಮನವಿ
ಹೊಸಪೇಟೆ ಟೈಮ್ಸ್ ನ್ಯೂಸ್

ಬಳ್ಳಾರಿ: ತಾಲ್ಲೂಕಿನ ಬೈರದೇವವನಹಳ್ಳಿ ಗ್ರಾಮದ ತಿಪ್ಪೇಸ್ವಾಮಿ ಎನ್ನುವ 30 ವರ್ಷದ ವ್ಯಕ್ತಿಯು ಹಂಚಿನಾಳ ಗ್ರಾಮಕ್ಕೆ ಮೋಹರಂ ಹಬ್ಬಕ್ಕೆ ಹೋಗಿಬರುತ್ತೇನೆ ಎಂದು ಜು.05 ರಂದು ಹೇಳಿಹೋದವನು ಮನೆಗೆ ಬಾರದೇ ಕಾಣೆಯಾಗಿದ್ದು, ಪತ್ತೆಗೆ ಸಹಕರಿಸಬೇಕು ಎಂದು ಮೋಕ ಪೊಲೀಸ್ ಠಾಣೆಯ ಠಾಣಾಧಿಕಾರಿ ಮನವಿ ಮಾಡಿದ್ದಾರೆ. ಕಾಣೆಯಾದ ವ್ಯಕ್ತಿಯ ಚಹರೆ ಗುರುತು: ಎತ್ತರ 5.7 ಅಡಿ, ಗೋಧಿ ಮೈಬಣ್ಣ ಹೊಂದಿದ್ದು, ಎಡಗೈ ಮೇಲೆ ಸುಟ್ಟ ಗಾಯದ ಕಲೆ, ಎಡಗಾಲಿಗೆ ಗಾಯದ ಕಲೆ ಇರುತ್ತದೆ. ಕಾಣೆಯಾದ ಸಂದರ್ಭದಲ್ಲಿ ಬಿಳಿ ಅಂಗಿ, ನೀಲಿ ಕಲರ್ ಪ್ಯಾಂಟ್‌ನ್ನು ಧರಿಸಿರುತ್ತಾನೆ.

ಮೇಲ್ಕಂಡ ಚಹರೆಯುಳ್ಳ ವ್ಯಕ್ತಿಯ ಬಗ್ಗೆ ಮಾಹಿತಿ ಸಿಕ್ಕಲ್ಲಿ ಮೋಕಾ ಪೊಲೀಸ್ ಠಾಣೆಯ ಪಿ.ಎಸ್.ಐ ಮೊ.9480803050, ದೂ.08392-293228, ಸಿರುಗುಪ್ಪ ಉಪವಿಭಾಗ ಡಿಎಸ್‌ಪಿ ಅವರ ಮೊ.9480803021, ಪಿಡಿ ಹಳ್ಳಿ ವೃತ್ತ ಸಿಪಿಐ ಅವರ ಮೊ.9480803031 ಅಥವಾ ಬಳ್ಳಾರಿ ಕಂಟ್ರೋಲ್ ರೂಂ ದೂ.08392-258100 ಗೆ ಸಂಪರ್ಕಿಸಬಹುದು ಎಂದು ಪ್ರಕಟಣೆಯಲ್ಲಿ ತಿಳಿಸಿದ್ದಾರೆ.

ಮೃತ ಅನಾಮಧೇಯ ವ್ಯಕ್ತಿ
ವಾರಸುದಾರರ ಪತ್ತೆಗೆ ಮನವಿ
ಹೊಸಪೇಟೆ ಟೈಮ್ಸ್ ನ್ಯೂಸ್

ಬಳ್ಳಾರಿ: ಬಳ್ಳಾರಿ ಗಾಂಧಿನಗರ ಪೊಲೀಸ್ ಠಾಣೆ ವ್ಯಾಪ್ತಿಯ ತಾಳೂರು ರಸ್ತೆಯ ಹೊಸ ಕೋರ್ಟ್ ಪಕ್ಕದಲ್ಲಿ ಹಾದು ಹೋಗುವ ಹೆಚ್.ಎಲ್.ಸಿ 14 ಡಿಪಿ ಕಾಲುವೆಯಲ್ಲಿ ಸುಮಾರು 55 ಮತ್ತು 40 ವರ್ಷದ ಅನಾಮಧೇಯ ವ್ಯಕ್ತಿಯು ಶವ ತೇಲಿಕೊಂಡು ಬಂದಿದ್ದು, ಮೃತನ ವಾರಸುದಾರರು ತಿಳಿದಿರುವುದಿಲ್ಲ. ಈ ಕುರಿತು ಪ್ರಕರಣ ದಾಖಲಾಗಿದ್ದು, ಮೃತನ ವಾರಸುದಾರರ ಪತ್ತೆಗೆ ಸಹಕರಿಸಬೇಕು ಎಂದು ಪೊಲೀಸ್ ಪೊಲೀಸ್ ಠಾಣಾಧಿಕಾರಿ ಮನವಿ ಮಾಡಿದ್ದಾರೆ.

ಚಹರೆ ಗುರುತು:

ಎತ್ತರ 5.5 ಅಡಿ, ದುಂಡು ಮುಖ, ಕಪ್ಪು ಮೈಬಣ್ಣ, ಧೃಡವಾದ ಮೈಕಟ್ಟು ಹೊಂದಿದ್ದು, ತಲೆಯಲ್ಲಿ ಕಪ್ಪು ಕೂದಲು ಹೊಂದಿರುತ್ತಾನೆ. ಮೃತನ ಮೈಮೇಲೆ ಗ್ರೇ ಬಣ್ಣದ ಆಫ್ ಟಿ-ಶರ್ಟ್ ಮತ್ತು ಕಪ್ಪು ಬಣ್ಣದ ಸ್ಯಾಂಡೋ ಬನಿಯಾನ್ ಮತ್ತು ನೀಲಿ ಬಣ್ಣದ ಒಳುಡುಪು ಧರಿಸಿರುತ್ತಾನೆ.

ಈ ಮೇಲ್ಕಂಡ ಚಹರೆ ಗುರುತುಗಳುಳ್ಳ ಮೃತ ವ್ಯಕ್ತಿಯ ವಾರಸುದಾರರ ಬಗ್ಗೆ ಮಾಹಿತಿ ಸಿಕ್ಕಲ್ಲಿ ಬಳ್ಳಾರಿ ಪೊಲೀಸ್ ಕಂಟ್ರೋಲ್ ರೂಂ ದೂ.08392-258100, 258102 ಅಥವಾ ಗಾಂಧಿನಗರ ಪೊಲೀಸ್ ಠಾಣೆಯ ದೂ.08392-272192, ಪಿ.ಐ ಮೊ.9480803046 ಗೆ ಸಂಪರ್ಕಿಸಬಹುದು ಎಂದು ಪ್ರಕಟಣೆಯಲ್ಲಿ ತಿಳಿಸಿದ್ದಾರೆ.

ಕೃಷಿ ಇಲಾಖೆ: ವಿವಿಧ ಬೆಳೆಗಳಿಗೆ
ವಿಮೆ ನೋಂದಣಿಗೆ ಆಹ್ವಾನ

ಬಳ್ಳಾರಿ: ಪ್ರಸಕ್ತ ಸಾಲಿನ ಕರ್ನಾಟಕ ರೈತ ಸುರಕ್ಷಾ ಪ್ರಧಾನ ಮಂತ್ರಿ ಫಸಲ್ ಬೀಮಾ ಯೋಜನೆಯಡಿ ಮುಂಗಾರು ಹಂಗಾಮಿನ ಬೆಳೆಗಳ ಬೆಳೆ ವಿಮೆಗೆ ನೋಂದಾಯಿಸಲು ಬೆಳೆ ಸಾಲ ಪಡೆದ ಹಾಗೂ ಬೆಳೆ ಸಾಲ ಪಡೆಯದ ರೈತರು ತಮ್ಮ ಬೆಳೆಗಳಿಗೆ ಬ್ಯಾಂಕುಗಳಲ್ಲಿ ವಿಮೆಗೆ ನೋಂದಾಯಿಸಿಕೊಳ್ಳಬೇಕು ಎಂದು ಜಂಟಿ ಕೃಷಿ ನಿರ್ದೇಶಕರು ತಿಳಿಸಿದ್ದಾರೆ.

ಮುಂಗಾರು ಹಂಗಾಮಿನ ಗ್ರಾಮ ಪಂಚಾಯಿತಿ ಮಟ್ಟದ ಬೆಳೆಗಳಾದ ಭತ್ತ, ಮುಸುಕಿನ ಜೋಳ ಹಾಗೂ ಹೋಬಳಿ ಮಟ್ಟದ ಮುಂಗಾರು ಹಂಗಾಮಿನ ಬೆಳೆಗಳಾದ ಜೋಳ, ರಾಗಿ, ಸಜ್ಜೆ, ನವಣೆ, ತೊಗರಿ, ಹುರುಳಿ, ಸೂರ್ಯಕಾಂತಿ, ಎಳ್ಳು, ಹತ್ತಿ, ನೆಲಗಡಲೆ, ಈರುಳ್ಳಿ, ಭತ್ತ, ಕೆಂಪು ಮೆಣಸಿನಕಾಯಿ ಜಿಲ್ಲೆಯ ಬೆಳೆಗಳಾಗಿವೆ.

*ವಿವಿಧ ಬೆಳೆಗಳ ಬೆಳೆ ವಿಮೆಗೆ ಕೊನೆಯ ದಿನ:*

ಭತ್ತ, ತೊಗರಿ, ರಾಗಿ, ನವಣೆ, ಹುರುಳಿ, ನೆಲಕಡಲೆ, ಸಜ್ಜೆ- ಆಗಸ್ಟ್ 16. ಮುಸುಕಿನ ಜೋಳ, ಜೋಳ, ಹತ್ತಿ, ಸೂರ್ಯಕಾಂತಿ, ತೊಗರಿ, ಈರುಳ್ಳಿ, ಕೆಂಪು ಮೆಣಸಿನಕಾಯಿ-ಜುಲೈ 31.

ನೋಂದಾಯಿಸಿಕೊಳ್ಳಲು ಸ್ಥಳೀಯ ಬ್ಯಾಂಕ್‌ಗಳು ಅಥವಾ ಸಾರ್ವಜನಿಕ ಸೇವಾ ಕೇಂದ್ರ ಅಥವಾ ಗ್ರಾಮ ಒನ್ ಸೇವಾ ಕೇಂದ್ರಗಳಿಗೆ ಸಂಪರ್ಕಿಸಬಹುದು.

ಬೆಳೆ ಸಾಲ ಪಡೆದ ರೈತರು ಇಚ್ಛೆ ಪಡೆಯದೇ ಇದ್ದಲ್ಲಿ ತಮ್ಮ ವ್ಯಾಪ್ತಿಯ ಬ್ಯಾಂಕಿನ ವ್ಯವಸ್ಥಾಪಕರಿಗೆ ಬೆಳೆ ನೊಂದಣಿ ಅಂತಿಮ ದಿನಾಂಕಕ್ಕಿಂತ 7 ದಿನಗಳ ಮುಂಚಿತವಾಗಿ ಲಿಖಿತವಾಗಿ ಮುಚ್ಚಳಿಕೆ ಪತ್ರವನ್ನು ನೀಡಿದ್ದಲ್ಲಿ ಅಂತಹ ರೈತರನ್ನು ಬೆಳೆ ವಿಮೆ ಯೋಜನೆಯಿಂದ ಕೈಬಿಡಲಾಗುವುದು.

ಹೆಚ್ಚಿನ ಮಾಹಿತಿಗಾಗಿ ಹತ್ತಿರದ ರೈತ ಸಂಪರ್ಕ ಕೇಂದ್ರ, ಸಹಾಯಕ ಕೃಷಿ ನಿರ್ದೇಶಕರ ಕಚೇರಿ ಅಥವಾ ಜಂಟಿ ಕೃಷಿ ನಿರ್ದೇಶಕರ ಕಚೇರಿಗೆ ಸಂಪರ್ಕಿಸಬಹುದು ಎಂದು ಪ್ರಕಟಣೆಯಲ್ಲಿ ತಿಳಿಸಿದ್ದಾರೆ.

ಅತಿಥಿ ಉಪನ್ಯಾಸಕರ ಹುದ್ದೆಗಳಿಗೆ ಅರ್ಜಿ ಆಹ್ವಾನ

ಕೊಪ್ಪಳ : ಕೊಪ್ಪಳ ವಿಶ್ವವಿದ್ಯಾಲಯದ 2025-26ನೇ ಶೈಕ್ಷಣಿಕ ಸಾಲಿನ ಸ್ನಾತಕೋತ್ತರ ವಿಭಾಗಗಳಿಗೆ ಕೊಪ್ಪಳ ವಿಶ್ವವಿದ್ಯಾಲಯದ ವಿವಿಧ ಸ್ನಾತಕೋತ್ತರ ಕೇಂದ್ರಗಳಲ್ಲಿನ ಅತಿಥಿ ಉಪನ್ಯಾಸಕರ ಹುದ್ದೆಗಳಿಗೆ ಅರ್ಜಿ ಆಹ್ವಾನಿಸಲಾಗಿದೆ.

ಕೊಪ್ಪಳ ವಿಶ್ವವಿದ್ಯಾಲಯದ ಮುಖ್ಯ ಆವರಣ, ಸ್ನಾತಕೋತ್ತರ ಕೇಂದ್ರ, ಯಲಬುರ್ಗಾ ಮತ್ತು ಗಂಗಾವತಿಯಲ್ಲಿನ ಸ್ನಾತಕೋತ್ತರ ಪದವಿಯ ವಿವಿಧ ವಿಭಾಗಗಳಿಗೆ ಆಗತ್ಯತೆಗನುಸಾರ ಬೋಧನಾ ಕಾರ್ಯದ ನಿರ್ವಹಣೆಗಾಗಿ ಯು.ಜಿ.ಸಿ ನಿಯಮಾನುಸಾರ ಪೂರ್ಣಕಾಲಿಕ ಮತ್ತು ಅರೆಕಾಲಿಕ ಅತಿಥಿ ಉಪನ್ಯಾಸಕರ ಹುದ್ದೆಗಳಿಗಾಗಿ ಆಸಕ್ತಿಯುಳ್ಳ ಅತಿಥಿ ಉಪನ್ಯಾಸಕರನ್ನು ಪಡೆಯಲಾಗುತ್ತಿದ್ದು, ಅರ್ಹ ಅಭ್ಯರ್ಥಿಗಳು ಅರ್ಜಿಯನ್ನು ಪಡೆಯಲು ಮತ್ತು ಹೆಚ್ಚಿನ ಮಾಹಿತಿಗಾಗಿ ವಿಶ್ವವಿದ್ಯಾಲಯದ ಜಾಲತಾಣ www.koppaluniversity.ac.in ವನ್ನು ನೋಡಬಹುದಾಗಿದೆ ಎಂದು ಕೊಪ್ಪಳ ವಿಶ್ವವಿದ್ಯಾಲಯದ ಕುಲಸಚಿವರು ಪ್ರಕಟಣೆಯಲ್ಲಿ ತಿಳಿಸಿದ್ದಾರೆ.
